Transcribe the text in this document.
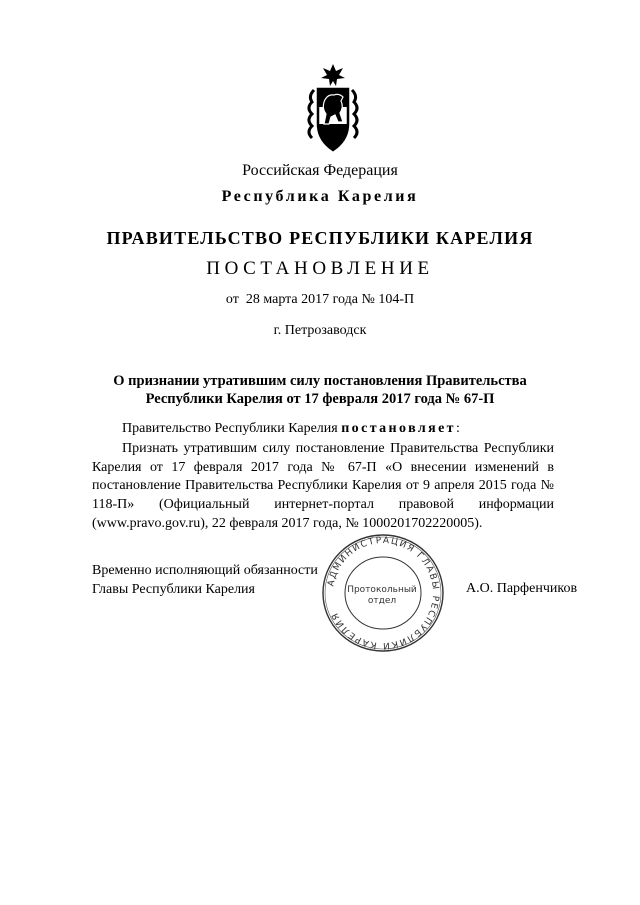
Российская Федерация
Республика Карелия
ПРАВИТЕЛЬСТВО РЕСПУБЛИКИ КАРЕЛИЯ
ПОСТАНОВЛЕНИЕ
от  28 марта 2017 года № 104-П
г. Петрозаводск
О признании утратившим силу постановления Правительства
Республики Карелия от 17 февраля 2017 года № 67-П
Правительство Республики Карелия постановляет:
Признать утратившим силу постановление Правительства Республики Карелия от 17 февраля 2017 года № 67-П «О внесении изменений в постановление Правительства Республики Карелия от 9 апреля 2015 года № 118-П» (Официальный интернет-портал правовой информации (www.pravo.gov.ru), 22 февраля 2017 года, № 1000201702220005).
Временно исполняющий обязанности
Главы Республики Карелия	АДМИНИСТРАЦИЯ ГЛАВЫ РЕСПУБЛИКИ КАРЕЛИЯ
Протокольный
отдел
А.О. Парфенчиков
